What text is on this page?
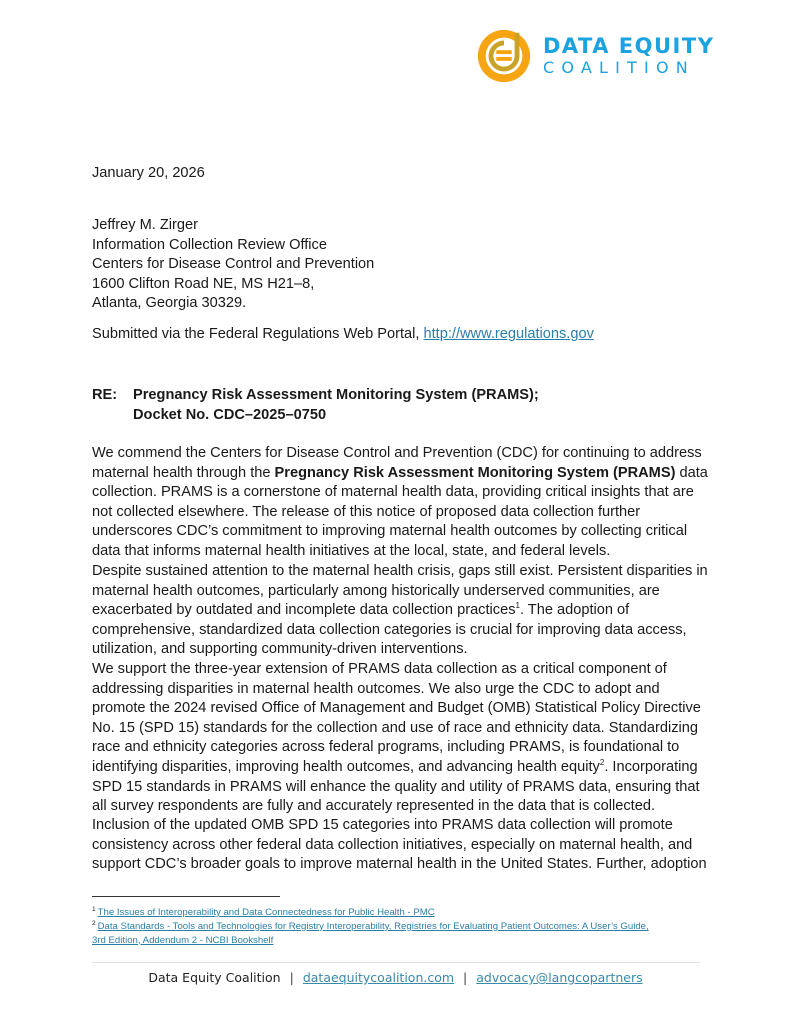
DATA EQUITY
COALITION
January 20, 2026
Jeffrey M. Zirger
Information Collection Review Office
Centers for Disease Control and Prevention
1600 Clifton Road NE, MS H21–8,
Atlanta, Georgia 30329.
Submitted via the Federal Regulations Web Portal, http://www.regulations.gov
RE:	Pregnancy Risk Assessment Monitoring System (PRAMS);
Docket No. CDC–2025–0750
We commend the Centers for Disease Control and Prevention (CDC) for continuing to address
maternal health through the Pregnancy Risk Assessment Monitoring System (PRAMS) data
collection. PRAMS is a cornerstone of maternal health data, providing critical insights that are
not collected elsewhere. The release of this notice of proposed data collection further
underscores CDC’s commitment to improving maternal health outcomes by collecting critical
data that informs maternal health initiatives at the local, state, and federal levels.
Despite sustained attention to the maternal health crisis, gaps still exist. Persistent disparities in
maternal health outcomes, particularly among historically underserved communities, are
exacerbated by outdated and incomplete data collection practices$^1$. The adoption of
comprehensive, standardized data collection categories is crucial for improving data access,
utilization, and supporting community-driven interventions.
We support the three-year extension of PRAMS data collection as a critical component of
addressing disparities in maternal health outcomes. We also urge the CDC to adopt and
promote the 2024 revised Office of Management and Budget (OMB) Statistical Policy Directive
No. 15 (SPD 15) standards for the collection and use of race and ethnicity data. Standardizing
race and ethnicity categories across federal programs, including PRAMS, is foundational to
identifying disparities, improving health outcomes, and advancing health equity$^2$. Incorporating
SPD 15 standards in PRAMS will enhance the quality and utility of PRAMS data, ensuring that
all survey respondents are fully and accurately represented in the data that is collected.
Inclusion of the updated OMB SPD 15 categories into PRAMS data collection will promote
consistency across other federal data collection initiatives, especially on maternal health, and
support CDC’s broader goals to improve maternal health in the United States. Further, adoption
$^1$ The Issues of Interoperability and Data Connectedness for Public Health - PMC
$^2$ Data Standards - Tools and Technologies for Registry Interoperability, Registries for Evaluating Patient Outcomes: A User’s Guide,
3rd Edition, Addendum 2 - NCBI Bookshelf
Data Equity Coalition | dataequitycoalition.com | advocacy@langcopartners
